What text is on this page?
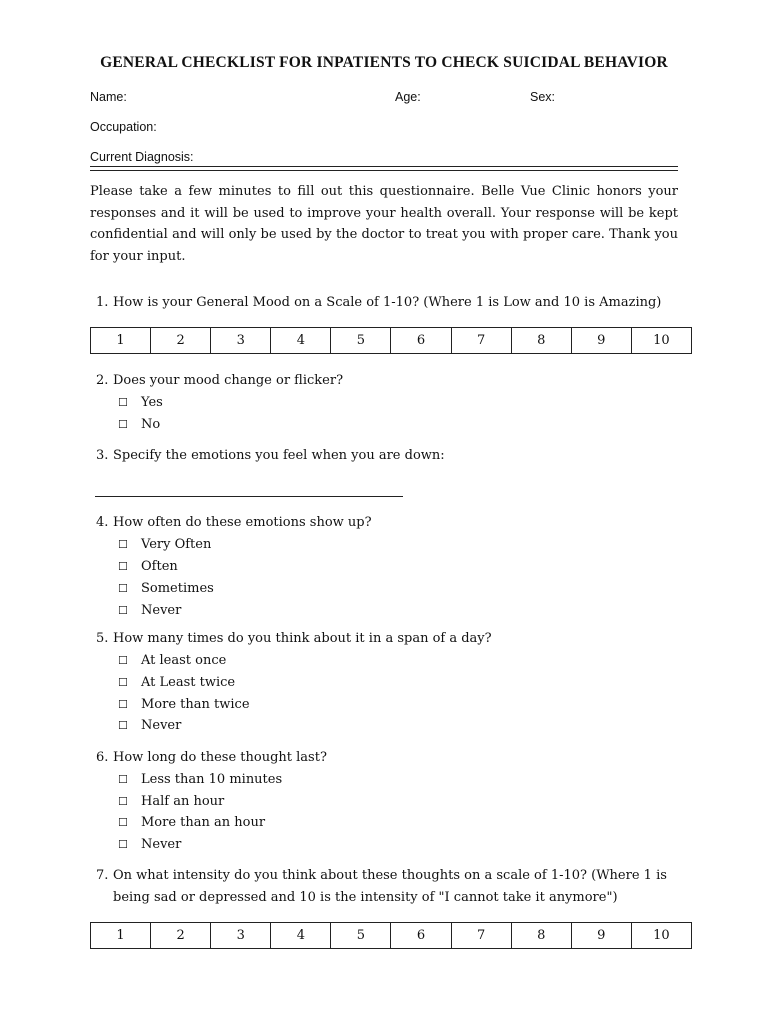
GENERAL CHECKLIST FOR INPATIENTS TO CHECK SUICIDAL BEHAVIOR
Name:	Age:	Sex:
Occupation:
Current Diagnosis:
Please take a few minutes to fill out this questionnaire. Belle Vue Clinic honors your responses and it will be used to improve your health overall. Your response will be kept confidential and will only be used by the doctor to treat you with proper care. Thank you for your input.
1. How is your General Mood on a Scale of 1-10? (Where 1 is Low and 10 is Amazing)
1	2	3	4	5	6	7	8	9	10
2. Does your mood change or flicker?
☐ Yes
☐ No
3. Specify the emotions you feel when you are down:
4. How often do these emotions show up?
☐ Very Often
☐ Often
☐ Sometimes
☐ Never
5. How many times do you think about it in a span of a day?
☐ At least once
☐ At Least twice
☐ More than twice
☐ Never
6. How long do these thought last?
☐ Less than 10 minutes
☐ Half an hour
☐ More than an hour
☐ Never
7. On what intensity do you think about these thoughts on a scale of 1-10? (Where 1 is
being sad or depressed and 10 is the intensity of "I cannot take it anymore")
1	2	3	4	5	6	7	8	9	10
